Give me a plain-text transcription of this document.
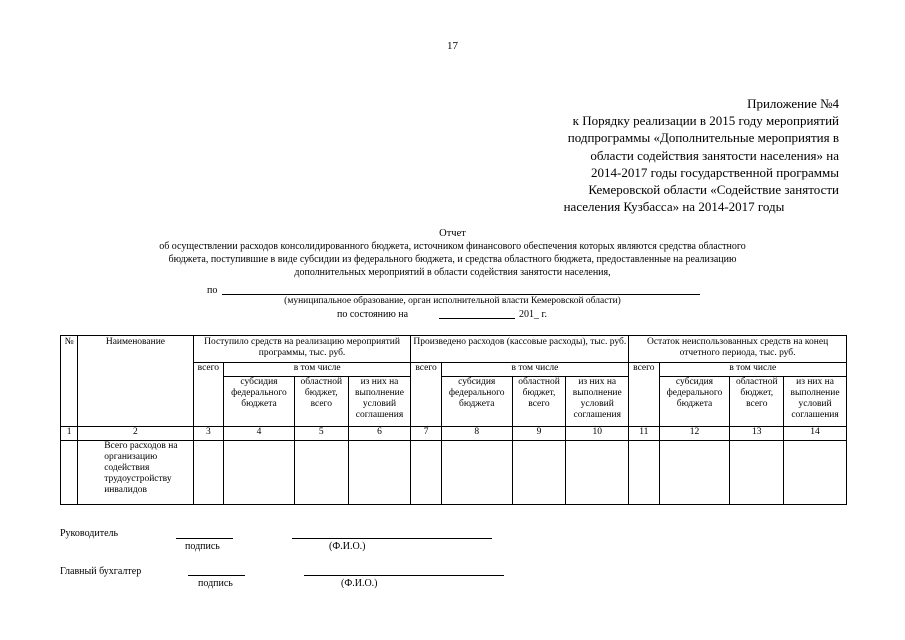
17
Приложение №4
к Порядку реализации в 2015 году мероприятий
подпрограммы «Дополнительные мероприятия в
области содействия занятости населения» на
2014-2017 годы государственной программы
Кемеровской области «Содействие занятости
населения Кузбасса» на 2014-2017 годы
Отчет
об осуществлении расходов консолидированного бюджета, источником финансового обеспечения которых являются средства областного
бюджета, поступившие в виде субсидии из федерального бюджета, и средства областного бюджета, предоставленные на реализацию
дополнительных мероприятий в области содействия занятости населения,
по
(муниципальное образование, орган исполнительной власти Кемеровской области)
по состоянию на	201_ г.
№	Наименование	Поступило средств на реализацию мероприятий программы, тыс. руб.				Произведено расходов (кассовые расходы), тыс. руб.				Остаток неиспользованных средств на конец отчетного периода, тыс. руб.			
		всего	в том числе			всего	в том числе			всего	в том числе		
			субсидия федерального бюджета	областной бюджет, всего	из них на выполнение условий соглашения		субсидия федерального бюджета	областной бюджет, всего	из них на выполнение условий соглашения		субсидия федерального бюджета	областной бюджет, всего	из них на выполнение условий соглашения
1	2	3	4	5	6	7	8	9	10	11	12	13	14
	Всего расходов на организацию содействия трудоустройству инвалидов												
Руководитель
подпись	(Ф.И.О.)
Главный бухгалтер
подпись	(Ф.И.О.)
